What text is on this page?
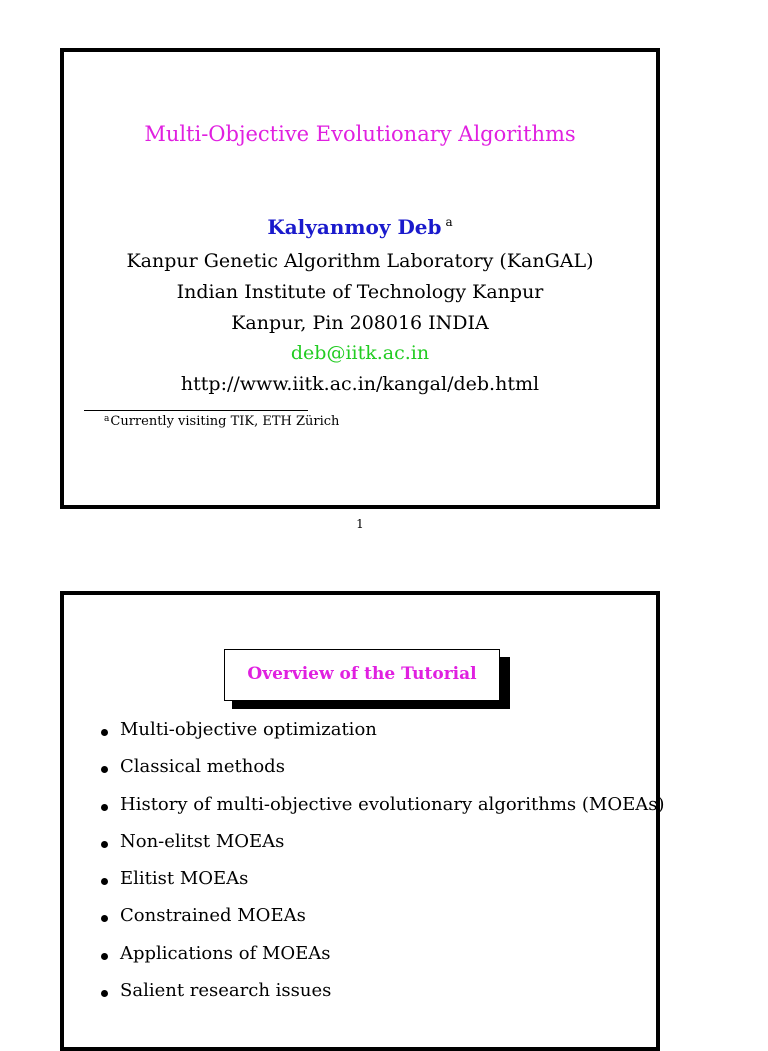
Multi-Objective Evolutionary Algorithms
Kalyanmoy Deb $^a$
Kanpur Genetic Algorithm Laboratory (KanGAL)
Indian Institute of Technology Kanpur
Kanpur, Pin 208016 INDIA
deb@iitk.ac.in
http://www.iitk.ac.in/kangal/deb.html
$^a$Currently visiting TIK, ETH Zürich
1
Overview of the Tutorial
Multi-objective optimization
Classical methods
History of multi-objective evolutionary algorithms (MOEAs)
Non-elitst MOEAs
Elitist MOEAs
Constrained MOEAs
Applications of MOEAs
Salient research issues
